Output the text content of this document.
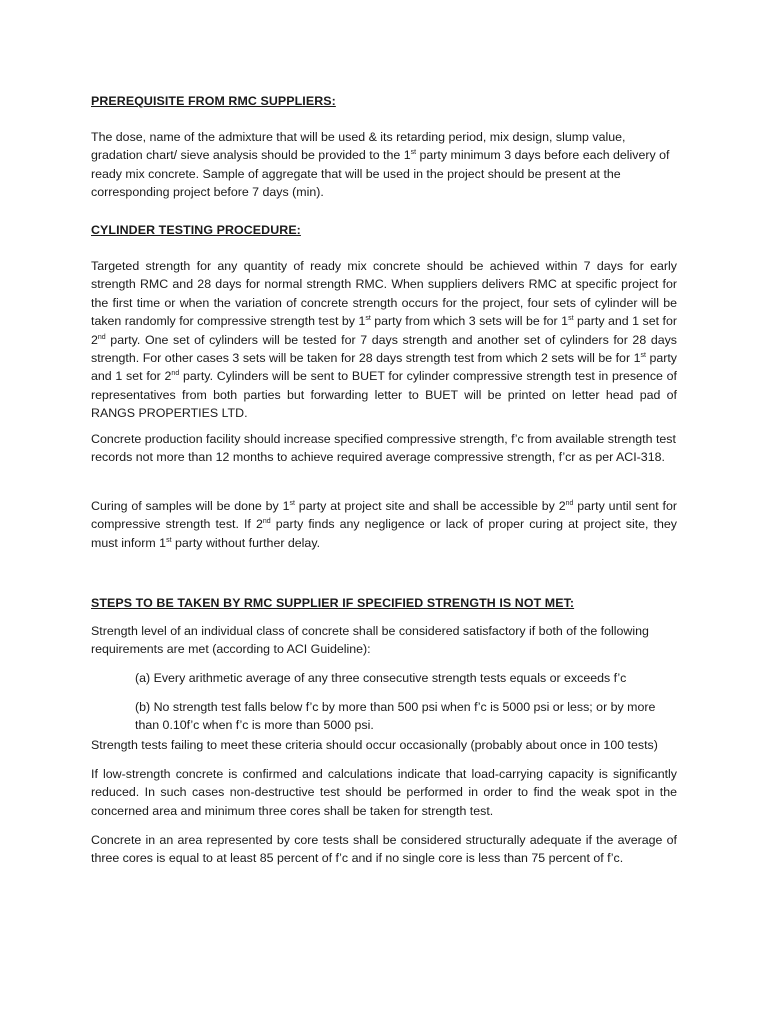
PREREQUISITE FROM RMC SUPPLIERS:

The dose, name of the admixture that will be used & its retarding period, mix design, slump value, gradation chart/ sieve analysis should be provided to the 1st party minimum 3 days before each delivery of ready mix concrete. Sample of aggregate that will be used in the project should be present at the corresponding project before 7 days (min).

CYLINDER TESTING PROCEDURE:

Targeted strength for any quantity of ready mix concrete should be achieved within 7 days for early strength RMC and 28 days for normal strength RMC. When suppliers delivers RMC at specific project for the first time or when the variation of concrete strength occurs for the project, four sets of cylinder will be taken randomly for compressive strength test by 1st party from which 3 sets will be for 1st party and 1 set for 2nd party. One set of cylinders will be tested for 7 days strength and another set of cylinders for 28 days strength. For other cases 3 sets will be taken for 28 days strength test from which 2 sets will be for 1st party and 1 set for 2nd party. Cylinders will be sent to BUET for cylinder compressive strength test in presence of representatives from both parties but forwarding letter to BUET will be printed on letter head pad of RANGS PROPERTIES LTD.

Concrete production facility should increase specified compressive strength, f’c from available strength test records not more than 12 months to achieve required average compressive strength, f’cr as per ACI-318.

Curing of samples will be done by 1st party at project site and shall be accessible by 2nd party until sent for compressive strength test. If 2nd party finds any negligence or lack of proper curing at project site, they must inform 1st party without further delay.

STEPS TO BE TAKEN BY RMC SUPPLIER IF SPECIFIED STRENGTH IS NOT MET:

Strength level of an individual class of concrete shall be considered satisfactory if both of the following requirements are met (according to ACI Guideline):

(a) Every arithmetic average of any three consecutive strength tests equals or exceeds f’c

(b) No strength test falls below f’c by more than 500 psi when f’c is 5000 psi or less; or by more than 0.10f’c when f’c is more than 5000 psi.

Strength tests failing to meet these criteria should occur occasionally (probably about once in 100 tests)

If low-strength concrete is confirmed and calculations indicate that load-carrying capacity is significantly reduced. In such cases non-destructive test should be performed in order to find the weak spot in the concerned area and minimum three cores shall be taken for strength test.

Concrete in an area represented by core tests shall be considered structurally adequate if the average of three cores is equal to at least 85 percent of f’c and if no single core is less than 75 percent of f’c.
